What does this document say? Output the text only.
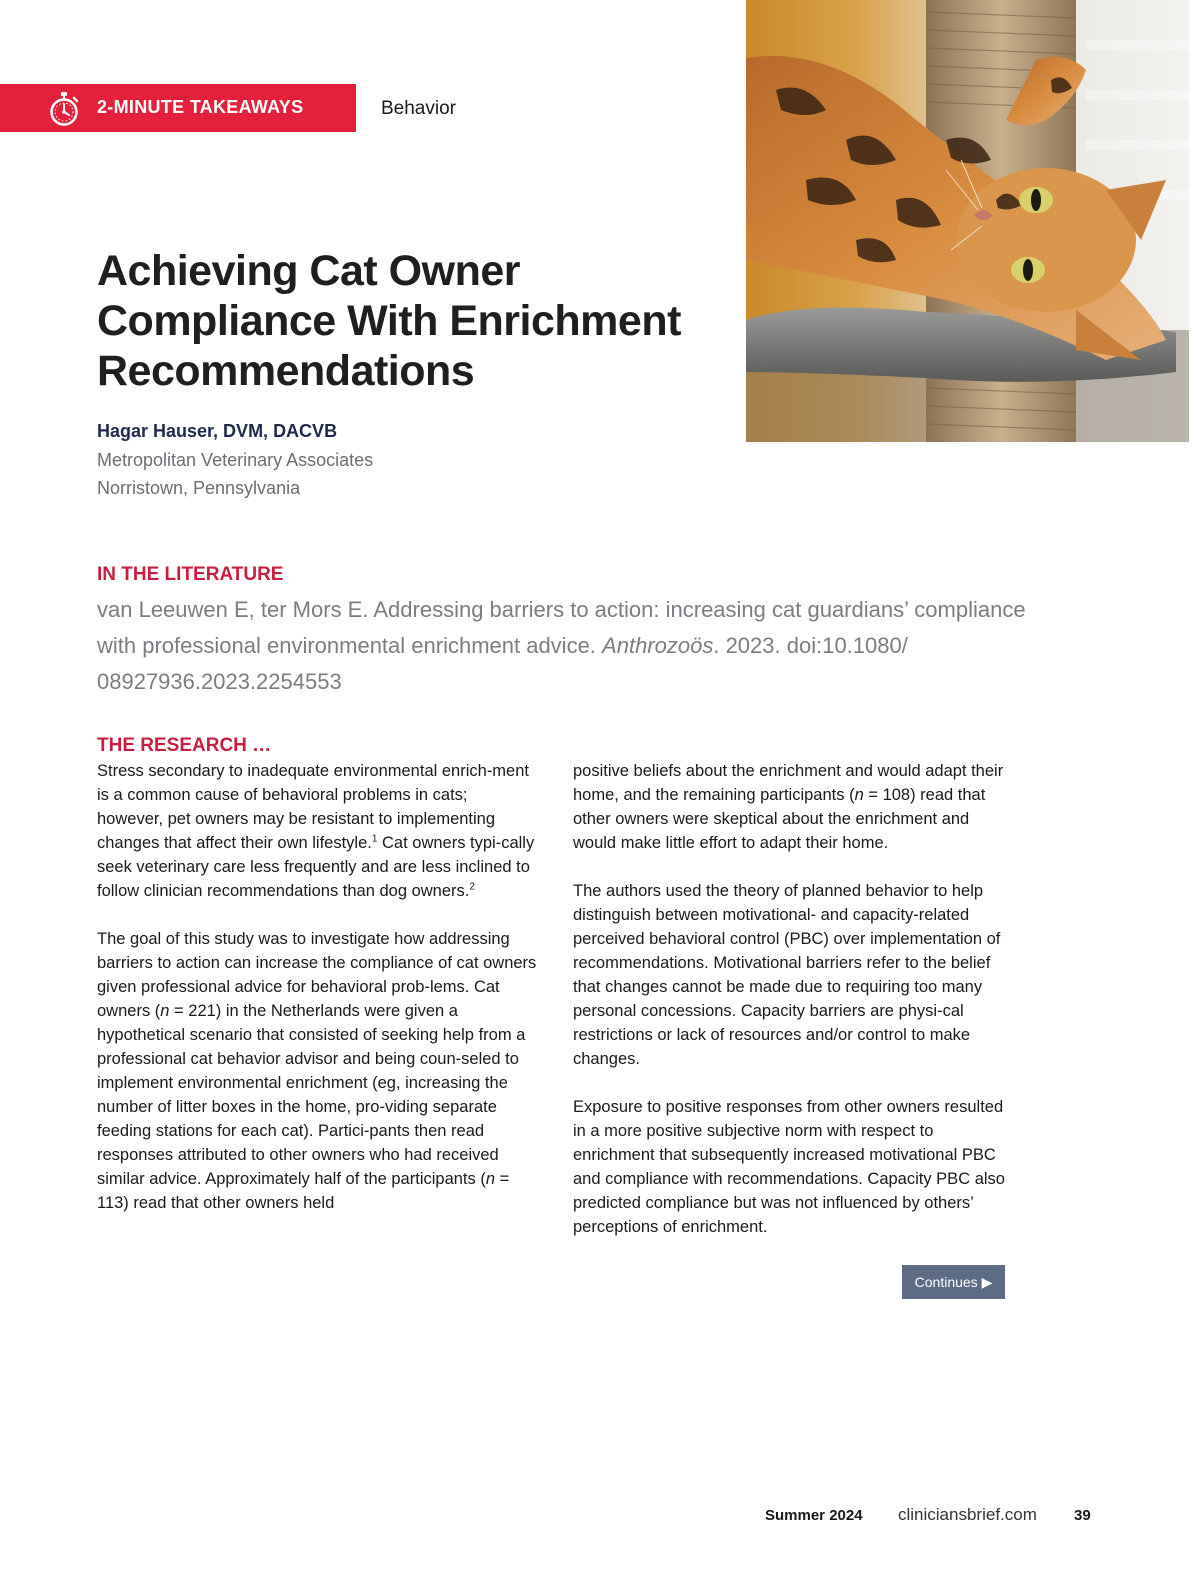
2-MINUTE TAKEAWAYS	Behavior
Achieving Cat Owner Compliance With Enrichment Recommendations
Hagar Hauser, DVM, DACVB
Metropolitan Veterinary Associates
Norristown, Pennsylvania
IN THE LITERATURE
van Leeuwen E, ter Mors E. Addressing barriers to action: increasing cat guardians’ compliance with professional environmental enrichment advice. Anthrozoös. 2023. doi:10.1080/ 08927936.2023.2254553
THE RESEARCH …

Stress secondary to inadequate environmental enrich-ment is a common cause of behavioral problems in cats; however, pet owners may be resistant to implementing changes that affect their own lifestyle.$^1$ Cat owners typi-cally seek veterinary care less frequently and are less inclined to follow clinician recommendations than dog owners.$^2$

The goal of this study was to investigate how addressing barriers to action can increase the compliance of cat owners given professional advice for behavioral prob-lems. Cat owners (n = 221) in the Netherlands were given a hypothetical scenario that consisted of seeking help from a professional cat behavior advisor and being coun-seled to implement environmental enrichment (eg, increasing the number of litter boxes in the home, pro-viding separate feeding stations for each cat). Partici-pants then read responses attributed to other owners who had received similar advice. Approximately half of the participants (n = 113) read that other owners held

positive beliefs about the enrichment and would adapt their home, and the remaining participants (n = 108) read that other owners were skeptical about the enrichment and would make little effort to adapt their home.

The authors used the theory of planned behavior to help distinguish between motivational- and capacity-related perceived behavioral control (PBC) over implementation of recommendations. Motivational barriers refer to the belief that changes cannot be made due to requiring too many personal concessions. Capacity barriers are physi-cal restrictions or lack of resources and/or control to make changes.

Exposure to positive responses from other owners resulted in a more positive subjective norm with respect to enrichment that subsequently increased motivational PBC and compliance with recommendations. Capacity PBC also predicted compliance but was not influenced by others’ perceptions of enrichment.

Continues ▶
Summer 2024 cliniciansbrief.com 39
